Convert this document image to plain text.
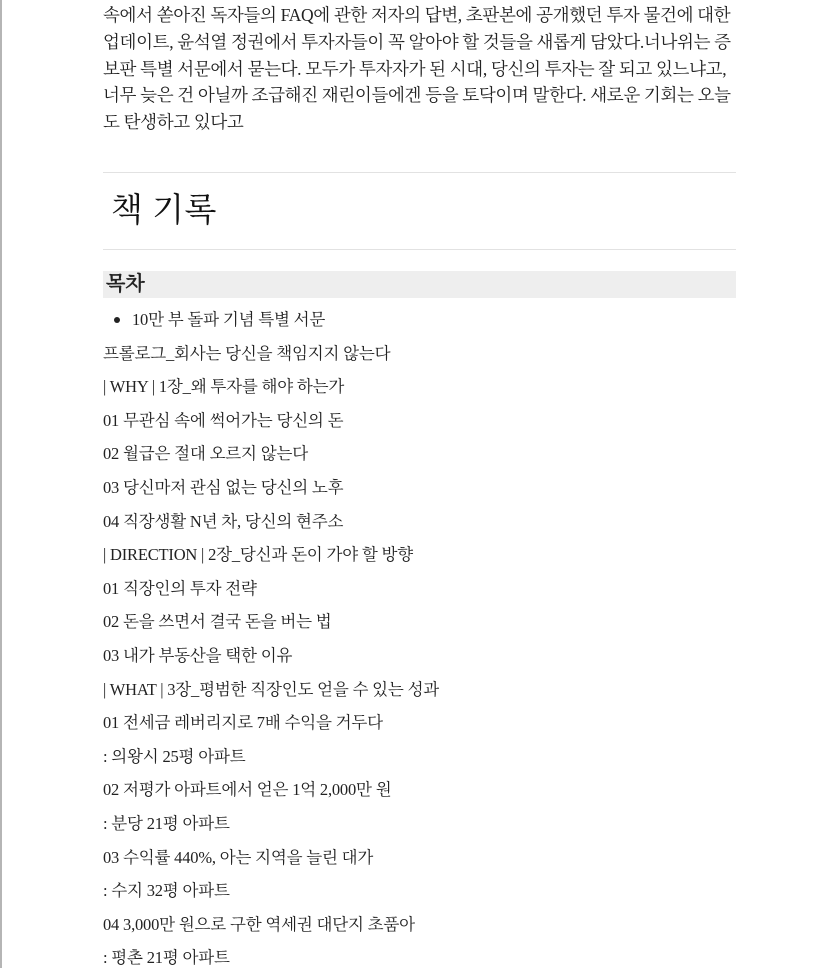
속에서 쏟아진 독자들의 FAQ에 관한 저자의 답변, 초판본에 공개했던 투자 물건에 대한 업데이트, 윤석열 정권에서 투자자들이 꼭 알아야 할 것들을 새롭게 담았다.너나위는 증보판 특별 서문에서 묻는다. 모두가 투자자가 된 시대, 당신의 투자는 잘 되고 있느냐고, 너무 늦은 건 아닐까 조급해진 재린이들에겐 등을 토닥이며 말한다. 새로운 기회는 오늘도 탄생하고 있다고

책 기록
목차
10만 부 돌파 기념 특별 서문
프롤로그_회사는 당신을 책임지지 않는다
| WHY | 1장_왜 투자를 해야 하는가
01 무관심 속에 썩어가는 당신의 돈
02 월급은 절대 오르지 않는다
03 당신마저 관심 없는 당신의 노후
04 직장생활 N년 차, 당신의 현주소
| DIRECTION | 2장_당신과 돈이 가야 할 방향
01 직장인의 투자 전략
02 돈을 쓰면서 결국 돈을 버는 법
03 내가 부동산을 택한 이유
| WHAT | 3장_평범한 직장인도 얻을 수 있는 성과
01 전세금 레버리지로 7배 수익을 거두다
: 의왕시 25평 아파트
02 저평가 아파트에서 얻은 1억 2,000만 원
: 분당 21평 아파트
03 수익률 440%, 아는 지역을 늘린 대가
: 수지 32평 아파트
04 3,000만 원으로 구한 역세권 대단지 초품아
: 평촌 21평 아파트
